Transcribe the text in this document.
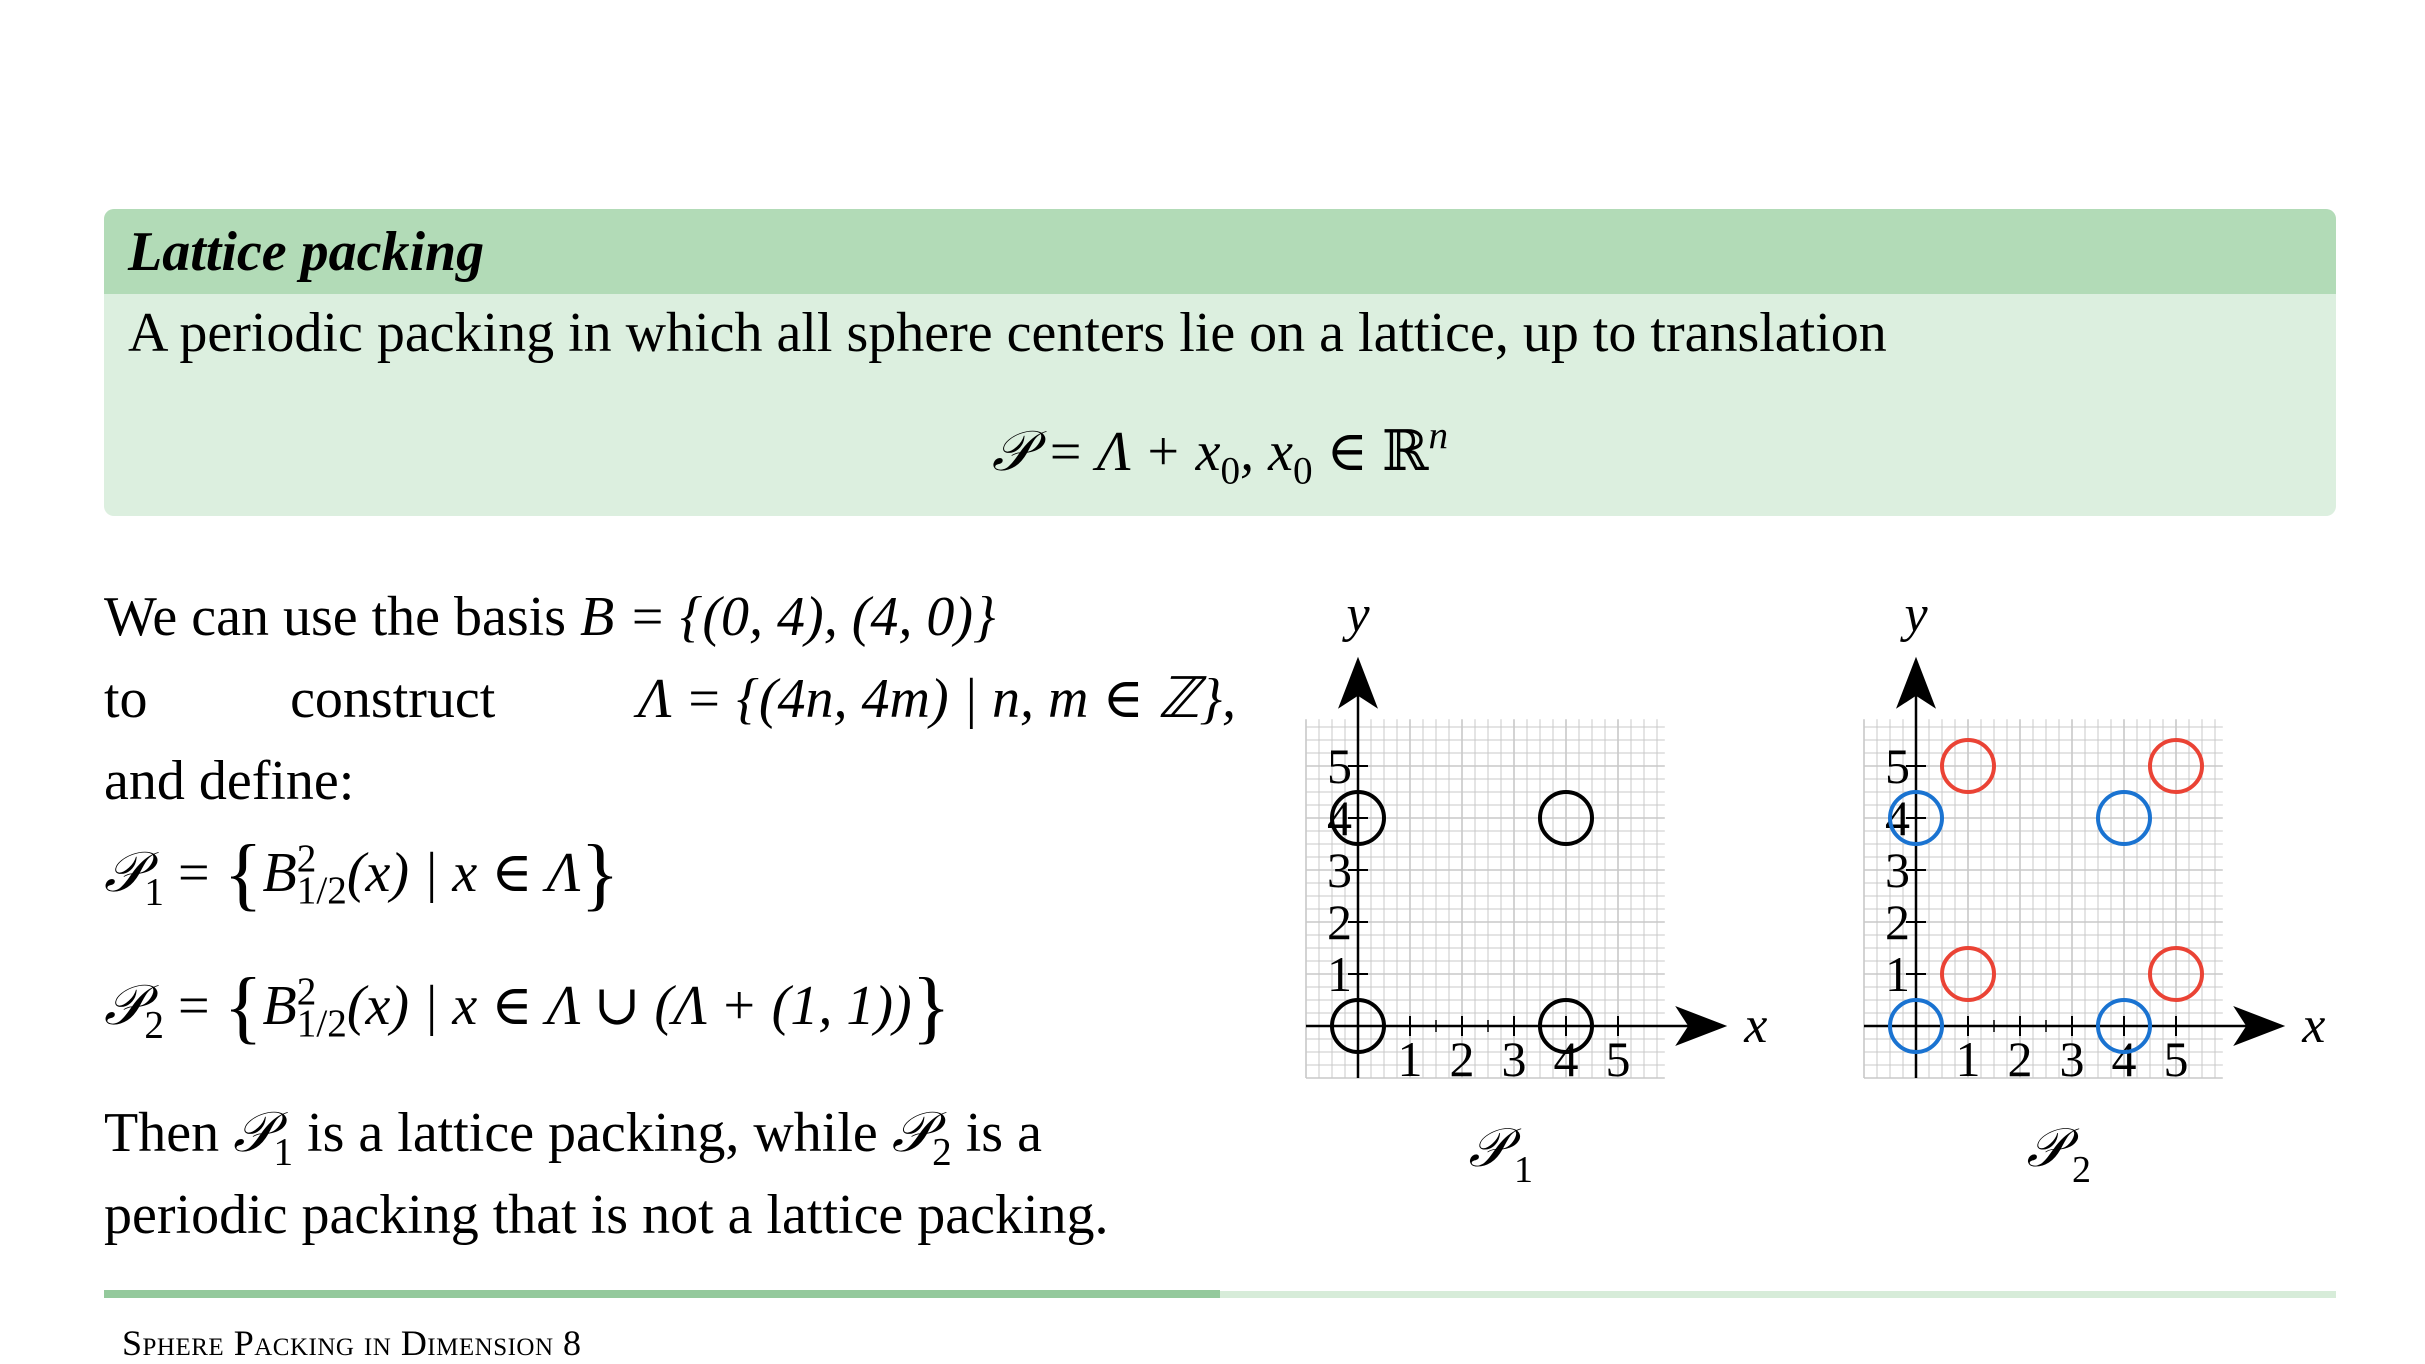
Lattice packing
A periodic packing in which all sphere centers lie on a lattice, up to translation
𝒫 = $\Lambda + x_0$, $x_0$ ∈ ℝ$^n$
We can use the basis B = {(0, 4), (4, 0)}
to	construct	Λ = {(4n, 4m) | n, m ∈ ℤ},
and define:
𝒫$_1$ = {B 2
1/2 (x) | x ∈ Λ}
𝒫$_2$ = {B 2
1/2 (x) | x ∈ Λ ∪ (Λ + (1, 1))}
Then 𝒫$_1$ is a lattice packing, while 𝒫$_2$ is a
periodic packing that is not a lattice packing.
x
y
1 2 3 4 5
1
2
3
4
5
𝒫 1
x
y
1 2 3 4 5
1
2
3
4
5
𝒫 2
Sphere Packing in Dimension 8
